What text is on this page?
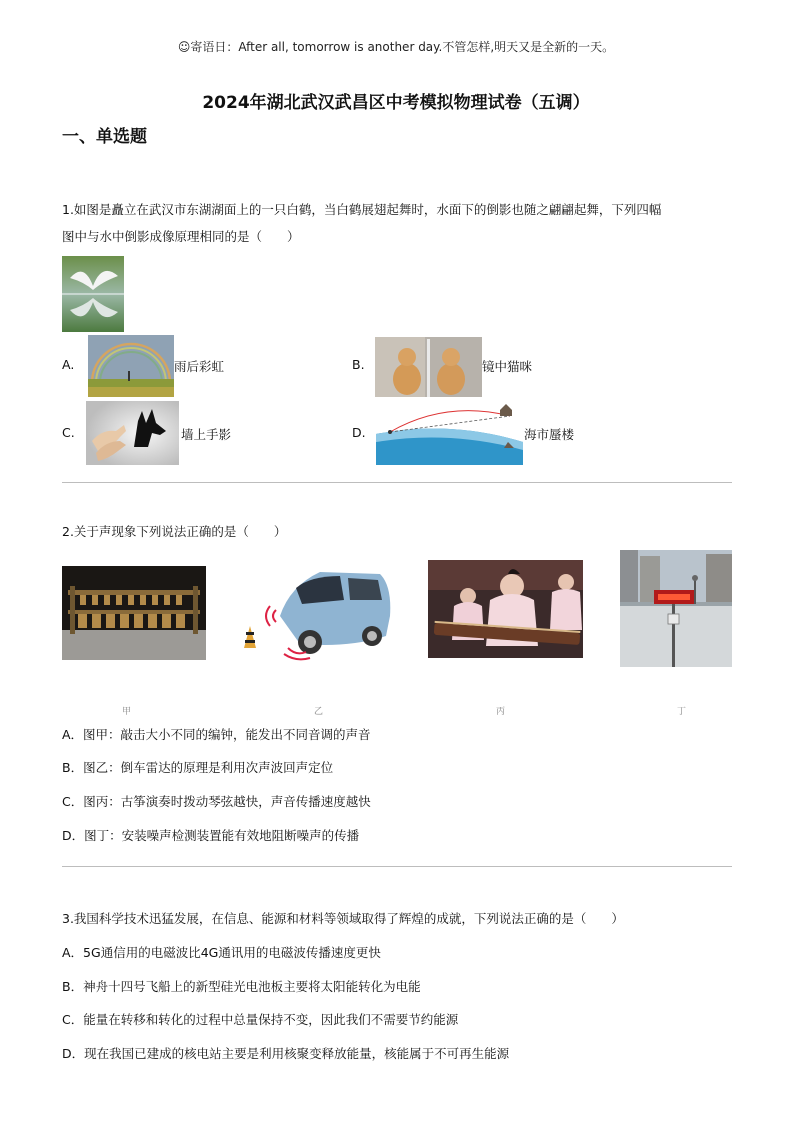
☺寄语日：After all, tomorrow is another day.不管怎样,明天又是全新的一天。
2024年湖北武汉武昌区中考模拟物理试卷（五调）
一、单选题
1.如图是矗立在武汉市东湖湖面上的一只白鹤，当白鹤展翅起舞时，水面下的倒影也随之翩翩起舞，下列四幅
图中与水中倒影成像原理相同的是（　　）
A.	雨后彩虹	B.	镜中猫咪
C.	墙上手影	D.	海市蜃楼
2.关于声现象下列说法正确的是（　　）
甲	乙	丙	丁
A．图甲：敲击大小不同的编钟，能发出不同音调的声音
B．图乙：倒车雷达的原理是利用次声波回声定位
C．图丙：古筝演奏时拨动琴弦越快，声音传播速度越快
D．图丁：安装噪声检测装置能有效地阻断噪声的传播
3.我国科学技术迅猛发展，在信息、能源和材料等领域取得了辉煌的成就，下列说法正确的是（　　）
A．5G通信用的电磁波比4G通讯用的电磁波传播速度更快
B．神舟十四号飞船上的新型硅光电池板主要将太阳能转化为电能
C．能量在转移和转化的过程中总量保持不变，因此我们不需要节约能源
D．现在我国已建成的核电站主要是利用核聚变释放能量，核能属于不可再生能源
